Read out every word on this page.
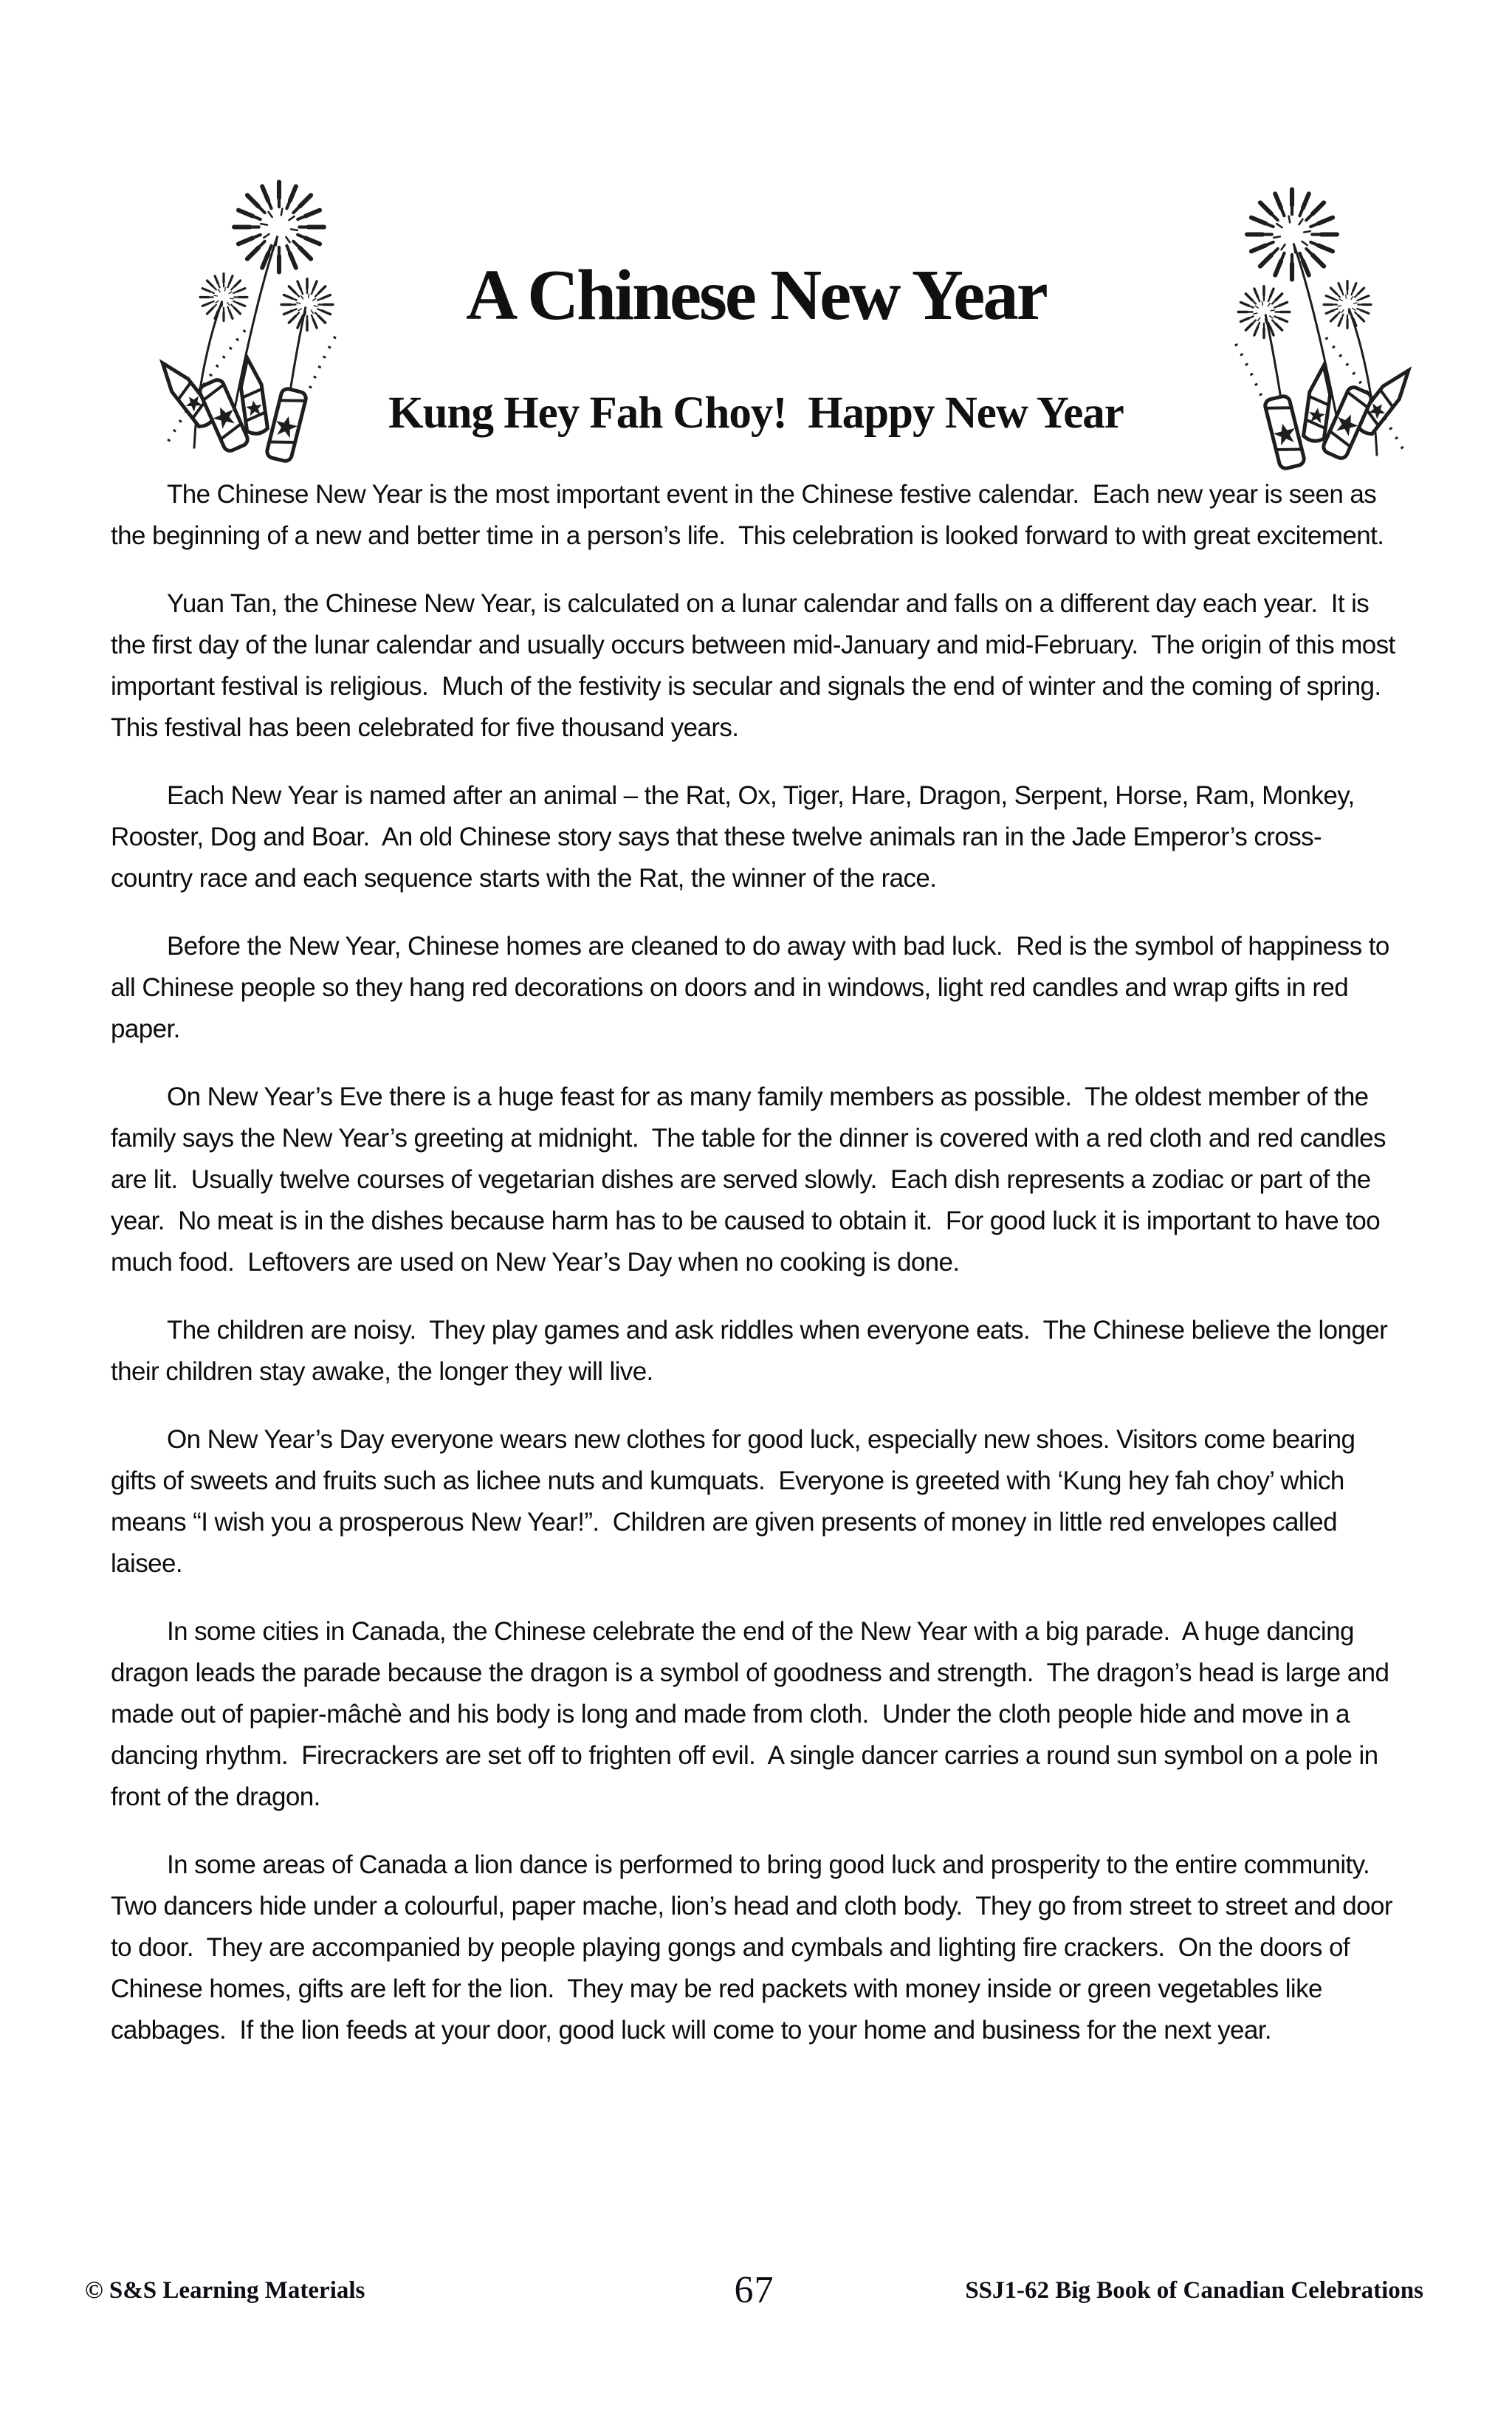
A Chinese New Year
Kung Hey Fah Choy!  Happy New Year

The Chinese New Year is the most important event in the Chinese festive calendar.  Each new year is seen as the beginning of a new and better time in a person’s life.  This celebration is looked forward to with great excitement.

Yuan Tan, the Chinese New Year, is calculated on a lunar calendar and falls on a different day each year.  It is the first day of the lunar calendar and usually occurs between mid-January and mid-February.  The origin of this most important festival is religious.  Much of the festivity is secular and signals the end of winter and the coming of spring.  This festival has been celebrated for five thousand years.

Each New Year is named after an animal – the Rat, Ox, Tiger, Hare, Dragon, Serpent, Horse, Ram, Monkey, Rooster, Dog and Boar.  An old Chinese story says that these twelve animals ran in the Jade Emperor’s cross-country race and each sequence starts with the Rat, the winner of the race.

Before the New Year, Chinese homes are cleaned to do away with bad luck.  Red is the symbol of happiness to all Chinese people so they hang red decorations on doors and in windows, light red candles and wrap gifts in red paper.

On New Year’s Eve there is a huge feast for as many family members as possible.  The oldest member of the family says the New Year’s greeting at midnight.  The table for the dinner is covered with a red cloth and red candles are lit.  Usually twelve courses of vegetarian dishes are served slowly.  Each dish represents a zodiac or part of the year.  No meat is in the dishes because harm has to be caused to obtain it.  For good luck it is important to have too much food.  Leftovers are used on New Year’s Day when no cooking is done.

The children are noisy.  They play games and ask riddles when everyone eats.  The Chinese believe the longer their children stay awake, the longer they will live.

On New Year’s Day everyone wears new clothes for good luck, especially new shoes. Visitors come bearing gifts of sweets and fruits such as lichee nuts and kumquats.  Everyone is greeted with ‘Kung hey fah choy’ which means “I wish you a prosperous New Year!”.  Children are given presents of money in little red envelopes called laisee.

In some cities in Canada, the Chinese celebrate the end of the New Year with a big parade.  A huge dancing dragon leads the parade because the dragon is a symbol of goodness and strength.  The dragon’s head is large and made out of papier-mâchè and his body is long and made from cloth.  Under the cloth people hide and move in a dancing rhythm.  Firecrackers are set off to frighten off evil.  A single dancer carries a round sun symbol on a pole in front of the dragon.

In some areas of Canada a lion dance is performed to bring good luck and prosperity to the entire community.  Two dancers hide under a colourful, paper mache, lion’s head and cloth body.  They go from street to street and door to door.  They are accompanied by people playing gongs and cymbals and lighting fire crackers.  On the doors of Chinese homes, gifts are left for the lion.  They may be red packets with money inside or green vegetables like cabbages.  If the lion feeds at your door, good luck will come to your home and business for the next year.

© S&S Learning Materials	67	SSJ1-62 Big Book of Canadian Celebrations
